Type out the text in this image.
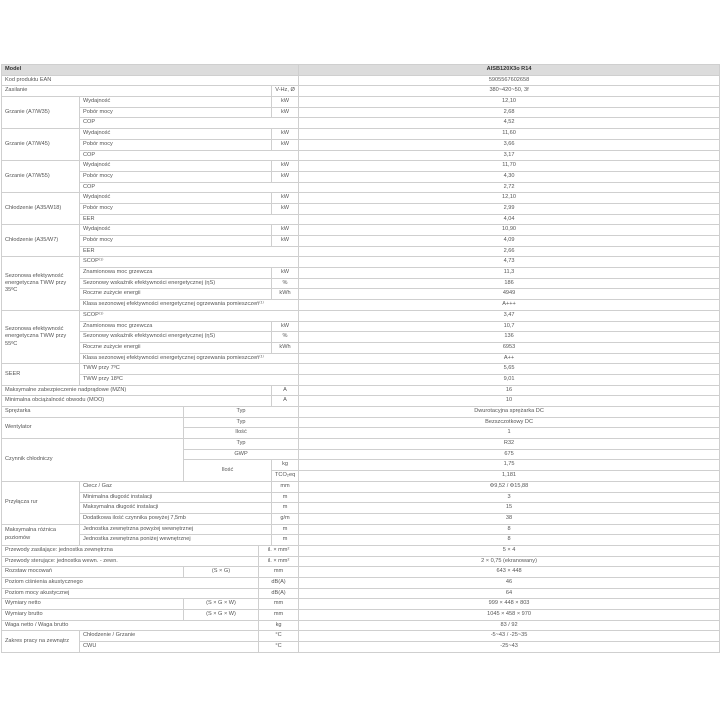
Model					AISB120X3o R14
Kod produktu EAN					5905567602658
Zasilanie				V-Hz, Ø	380~420~50, 3f
Grzanie (A7/W35)	Wydajność			kW	12,10
	Pobór mocy			kW	2,68
	COP				4,52
Grzanie (A7/W45)	Wydajność			kW	11,60
	Pobór mocy			kW	3,66
	COP				3,17
Grzanie (A7/W55)	Wydajność			kW	11,70
	Pobór mocy			kW	4,30
	COP				2,72
Chłodzenie (A35/W18)	Wydajność			kW	12,10
	Pobór mocy			kW	2,99
	EER				4,04
Chłodzenie (A35/W7)	Wydajność			kW	10,90
	Pobór mocy			kW	4,09
	EER				2,66
Sezonowa efektywność energetyczna TWW przy 35ºC	SCOP⁽¹⁾				4,73
	Znamionowa moc grzewcza			kW	11,3
	Sezonowy wskaźnik efektywności energetycznej (ηS)			%	186
	Roczne zużycie energii			kWh	4949
	Klasa sezonowej efektywności energetycznej ogrzewania pomieszczeń⁽¹⁾				A+++
Sezonowa efektywność energetyczna TWW przy 55ºC	SCOP⁽¹⁾				3,47
	Znamionowa moc grzewcza			kW	10,7
	Sezonowy wskaźnik efektywności energetycznej (ηS)			%	136
	Roczne zużycie energii			kWh	6953
	Klasa sezonowej efektywności energetycznej ogrzewania pomieszczeń⁽¹⁾				A++
SEER	TWW przy 7ºC				5,65
	TWW przy 18ºC				9,01
Maksymalne zabezpieczenie nadprądowe (MZN)				A	16
Minimalna obciążalność obwodu (MOO)				A	10
Sprężarka		Typ			Dwurotacyjna sprężarka DC
Wentylator		Typ			Bezszczotkowy DC
		Ilość			1
Czynnik chłodniczy		Typ			R32
		GWP			675
		Ilość		kg	1,75
				TCO₂eq	1,181
Przyłącza rur	Ciecz / Gaz			mm	Φ9,52 / Φ15,88
	Minimalna długość instalacji			m	3
	Maksymalna długość instalacji			m	15
	Dodatkowa ilość czynnika powyżej 7,5mb			g/m	38
Maksymalna różnica poziomów	Jednostka zewnętrzna powyżej wewnętrznej			m	8
	Jednostka zewnętrzna poniżej wewnętrznej			m	8
Przewody zasilające: jednostka zewnętrzna			il. × mm²		5 × 4
Przewody sterujące: jednostka wewn. - zewn.			il. × mm²		2 × 0,75 (ekranowany)
Rozstaw mocowań		(S × G)	mm		643 × 448
Poziom ciśnienia akustycznego			dB(A)		46
Poziom mocy akustycznej			dB(A)		64
Wymiary netto		(S × G × W)	mm		999 × 448 × 803
Wymiary brutto		(S × G × W)	mm		1045 × 458 × 970
Waga netto / Waga brutto			kg		83 / 92
Zakres pracy na zewnątrz	Chłodzenie / Grzanie		°C		-5~43 / -25~35
	CWU		°C		-25~43
